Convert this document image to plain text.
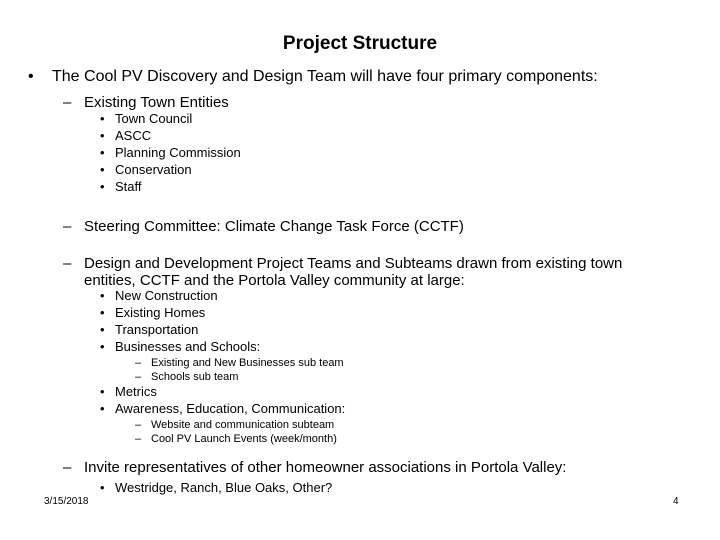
Project Structure
• The Cool PV Discovery and Design Team will have four primary components:
– Existing Town Entities
• Town Council
• ASCC
• Planning Commission
• Conservation
• Staff
– Steering Committee: Climate Change Task Force (CCTF)
– Design and Development Project Teams and Subteams drawn from existing town
entities, CCTF and the Portola Valley community at large:
• New Construction
• Existing Homes
• Transportation
• Businesses and Schools:
– Existing and New Businesses sub team
– Schools sub team
• Metrics
• Awareness, Education, Communication:
– Website and communication subteam
– Cool PV Launch Events (week/month)
– Invite representatives of other homeowner associations in Portola Valley:
• Westridge, Ranch, Blue Oaks, Other?
3/15/2018	4
